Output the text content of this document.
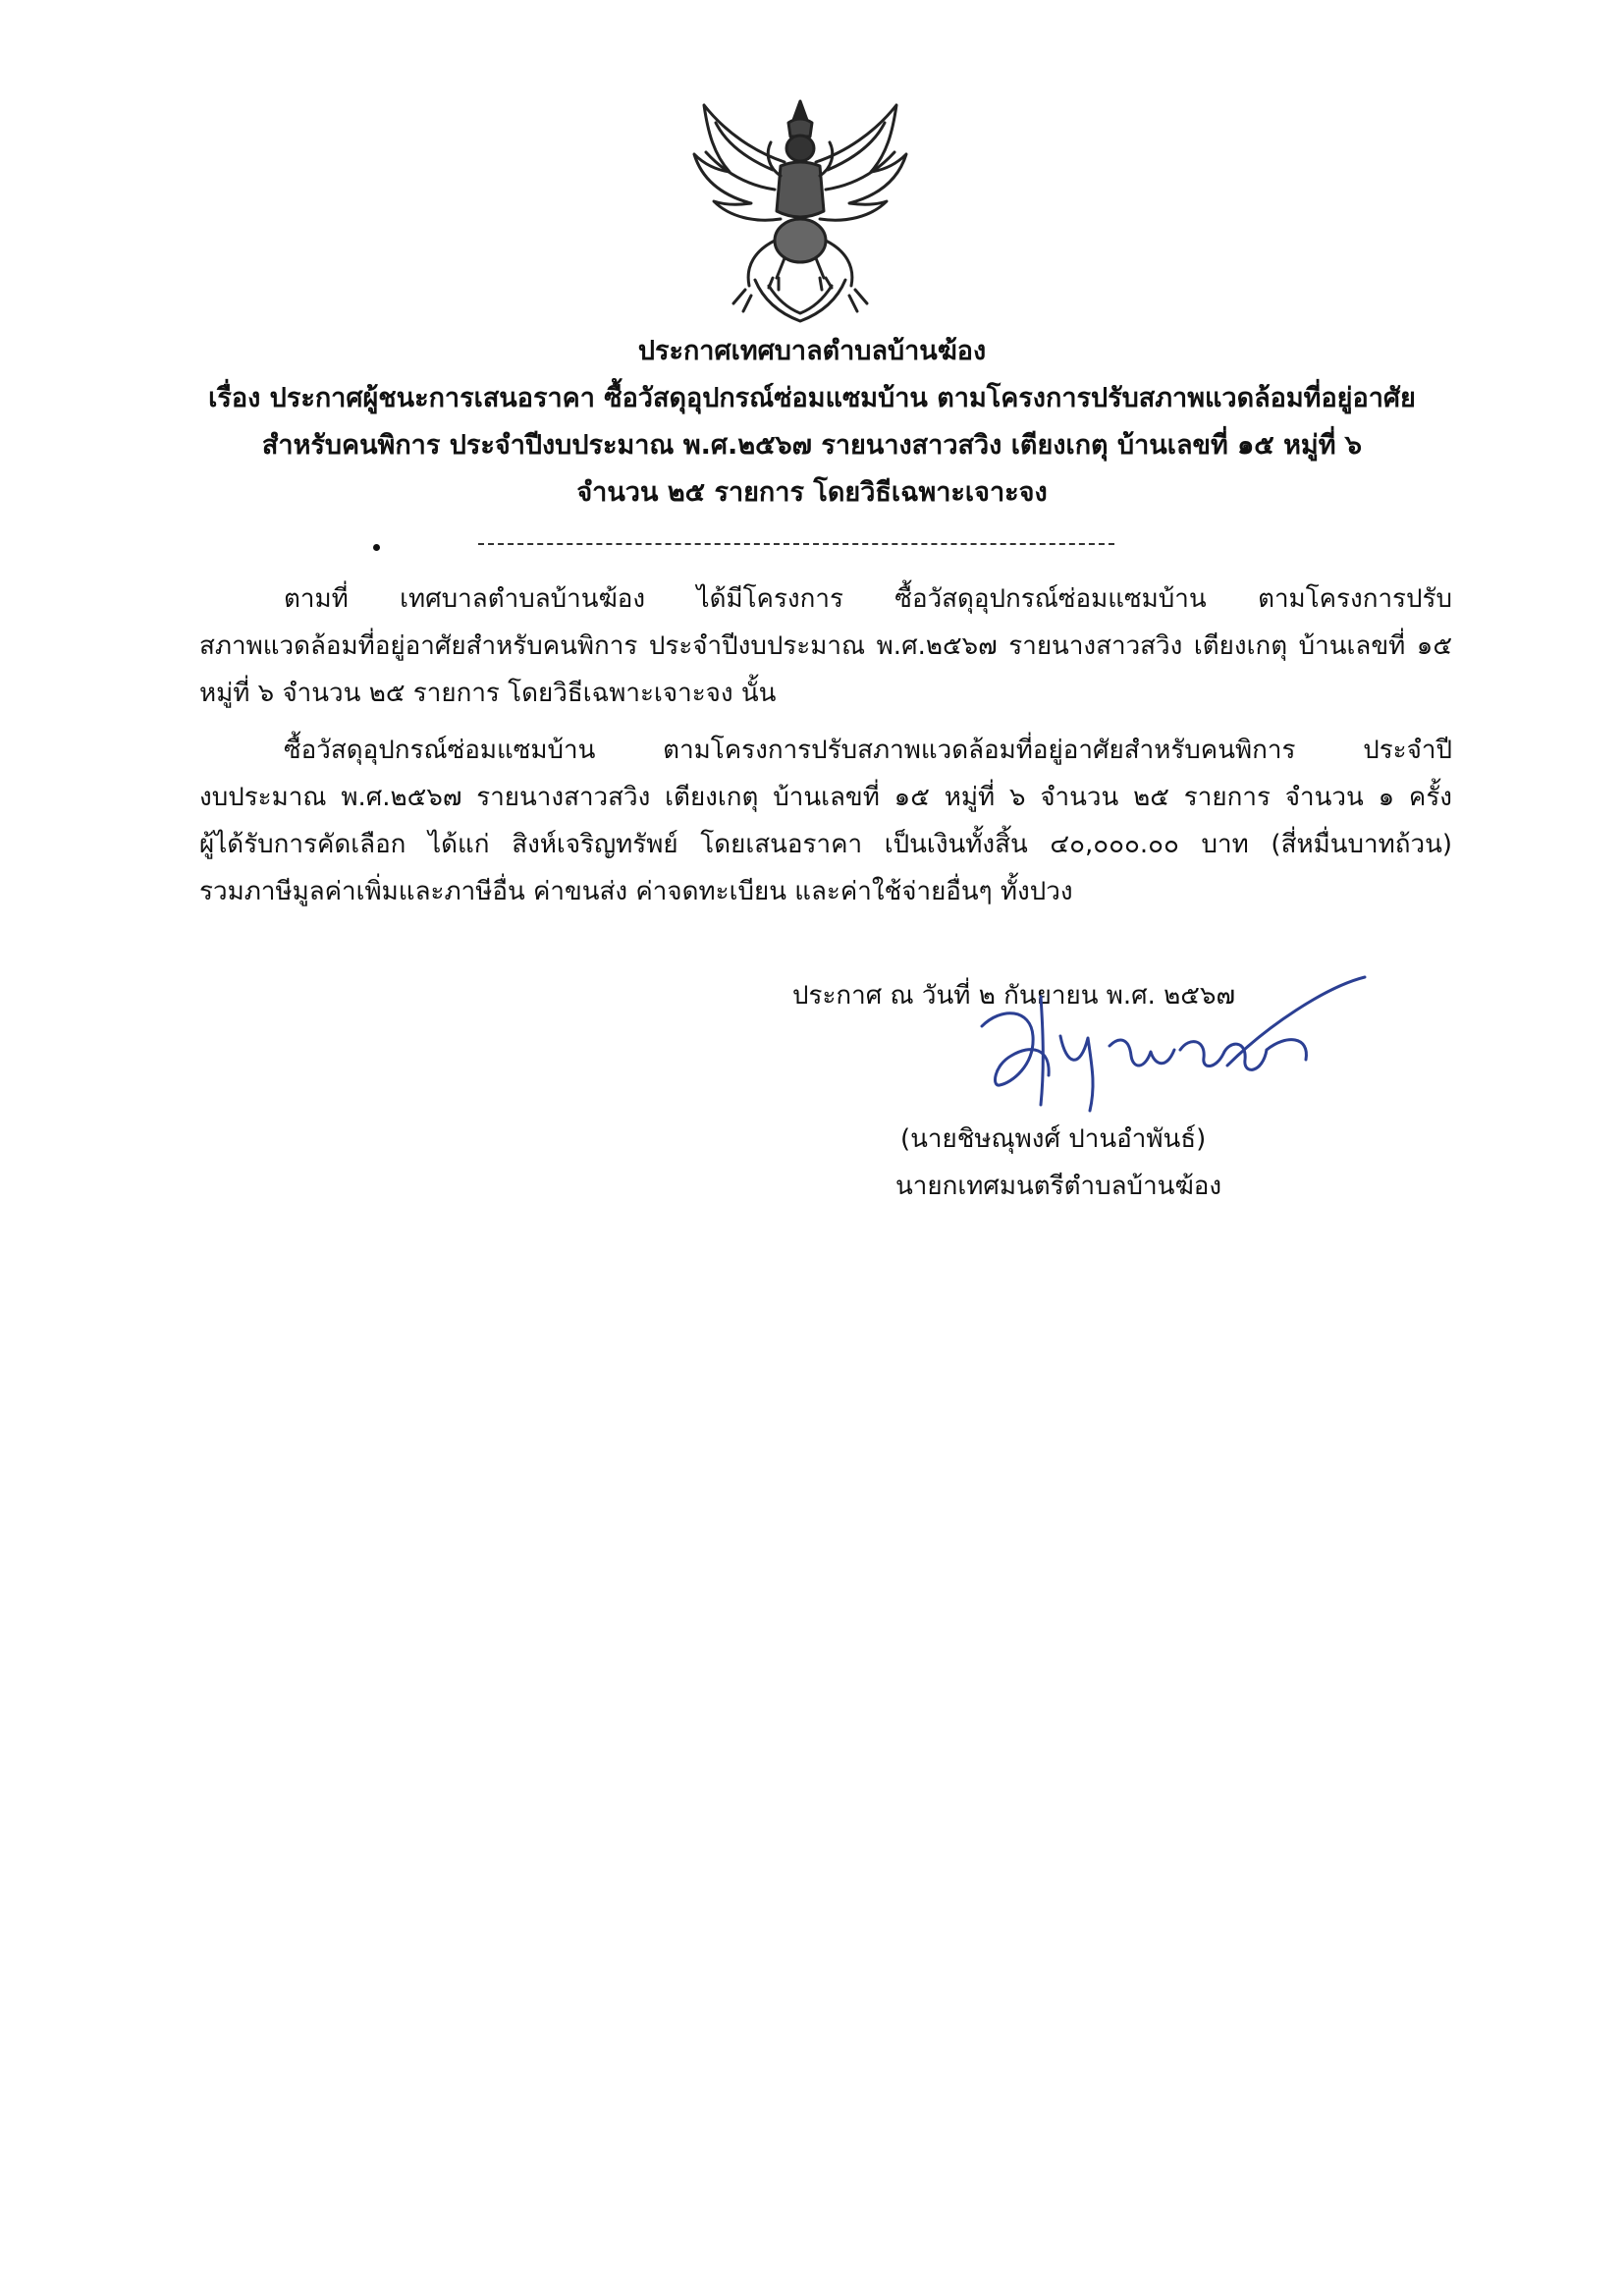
ประกาศเทศบาลตำบลบ้านฆ้อง
เรื่อง ประกาศผู้ชนะการเสนอราคา ซื้อวัสดุอุปกรณ์ซ่อมแซมบ้าน ตามโครงการปรับสภาพแวดล้อมที่อยู่อาศัย
สำหรับคนพิการ ประจำปีงบประมาณ พ.ศ.๒๕๖๗ รายนางสาวสวิง เตียงเกตุ บ้านเลขที่ ๑๕ หมู่ที่ ๖
จำนวน ๒๕ รายการ โดยวิธีเฉพาะเจาะจง
ตามที่ เทศบาลตำบลบ้านฆ้อง ได้มีโครงการ ซื้อวัสดุอุปกรณ์ซ่อมแซมบ้าน ตามโครงการปรับ
สภาพแวดล้อมที่อยู่อาศัยสำหรับคนพิการ ประจำปีงบประมาณ พ.ศ.๒๕๖๗ รายนางสาวสวิง เตียงเกตุ บ้านเลขที่ ๑๕
หมู่ที่ ๖ จำนวน ๒๕ รายการ โดยวิธีเฉพาะเจาะจง นั้น
ซื้อวัสดุอุปกรณ์ซ่อมแซมบ้าน ตามโครงการปรับสภาพแวดล้อมที่อยู่อาศัยสำหรับคนพิการ ประจำปี
งบประมาณ พ.ศ.๒๕๖๗ รายนางสาวสวิง เตียงเกตุ บ้านเลขที่ ๑๕ หมู่ที่ ๖ จำนวน ๒๕ รายการ จำนวน ๑ ครั้ง
ผู้ได้รับการคัดเลือก ได้แก่ สิงห์เจริญทรัพย์ โดยเสนอราคา เป็นเงินทั้งสิ้น ๔๐,๐๐๐.๐๐ บาท (สี่หมื่นบาทถ้วน)
รวมภาษีมูลค่าเพิ่มและภาษีอื่น ค่าขนส่ง ค่าจดทะเบียน และค่าใช้จ่ายอื่นๆ ทั้งปวง
ประกาศ ณ วันที่ ๒ กันยายน พ.ศ. ๒๕๖๗
(นายชิษณุพงศ์ ปานอำพันธ์)
นายกเทศมนตรีตำบลบ้านฆ้อง
